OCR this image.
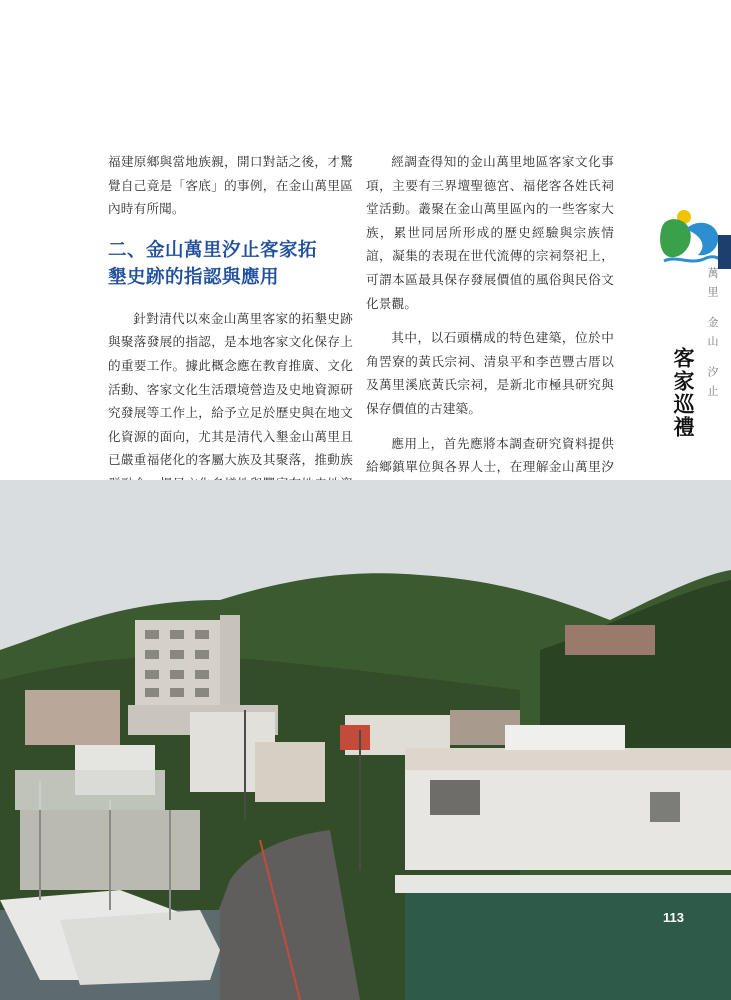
福建原鄉與當地族親，開口對話之後，才驚覺自己竟是「客底」的事例，在金山萬里區內時有所聞。

二、金山萬里汐止客家拓
墾史跡的指認與應用

針對清代以來金山萬里客家的拓墾史跡與聚落發展的指認，是本地客家文化保存上的重要工作。據此概念應在教育推廣、文化活動、客家文化生活環境營造及史地資源研究發展等工作上，給予立足於歷史與在地文化資源的面向，尤其是清代入墾金山萬里且已嚴重福佬化的客屬大族及其聚落，推動族

經調查得知的金山萬里地區客家文化事項，主要有三界壇聖德宮、福佬客各姓氏祠堂活動。叢聚在金山萬里區內的一些客家大族，累世同居所形成的歷史經驗與宗族情誼，凝集的表現在世代流傳的宗祠祭祀上，可謂本區最具保存發展價值的風俗與民俗文化景觀。

其中，以石頭構成的特色建築，位於中角罟寮的黃氏宗祠、清泉平和李芭豐古厝以及萬里溪底黃氏宗祠，是新北市極具研究與保存價值的古建築。

應用上，首先應將本調查研究資料提供給鄉鎮單位與各界人士，在理解金山萬里汐

萬里 金山 汐止
客家巡禮
113
